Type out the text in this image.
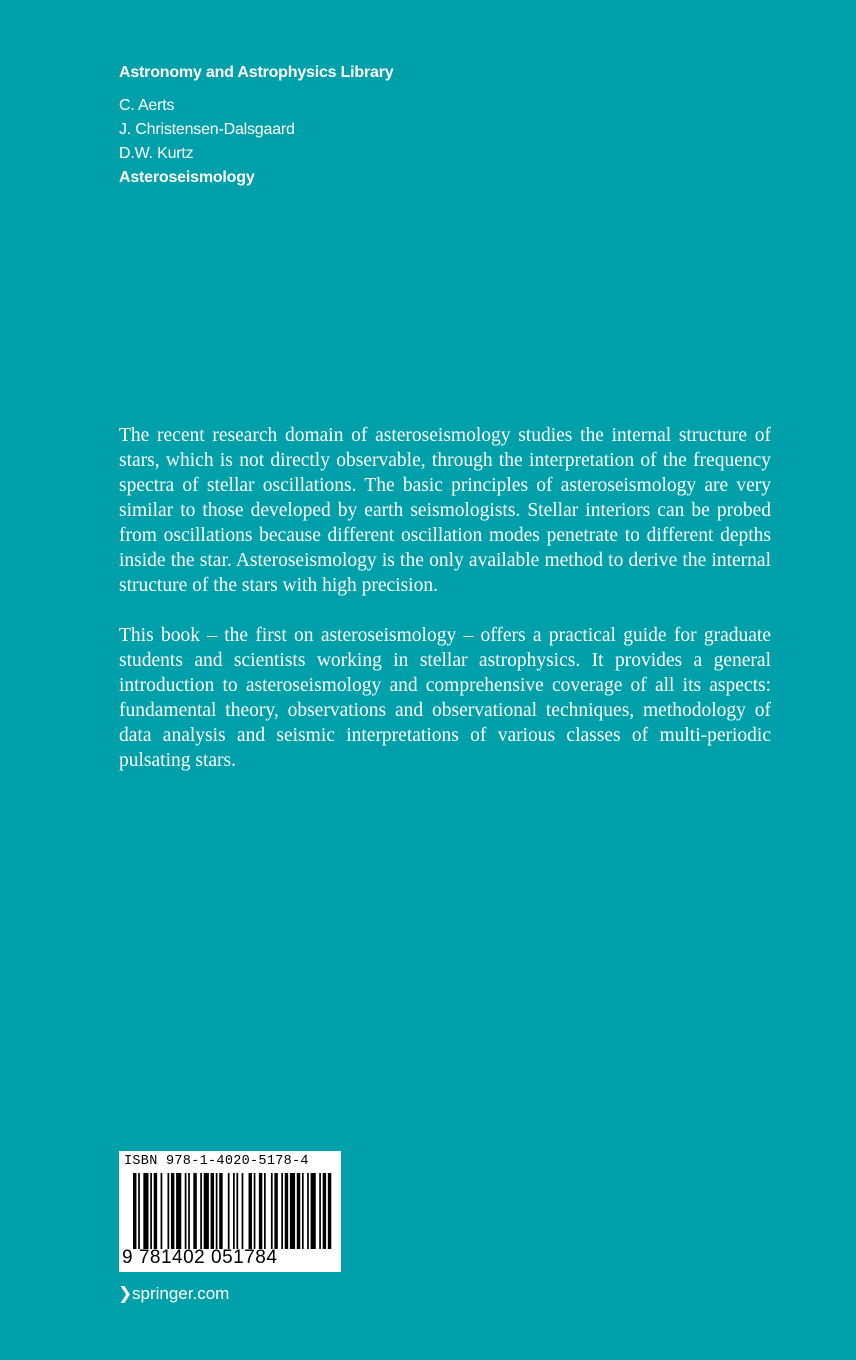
Astronomy and Astrophysics Library
C. Aerts
J. Christensen-Dalsgaard
D.W. Kurtz
Asteroseismology

The recent research domain of asteroseismology studies the internal structure of stars, which is not directly observable, through the interpretation of the frequency spectra of stellar oscillations. The basic principles of asteroseismology are very similar to those developed by earth seismologists. Stellar interiors can be probed from oscillations because different oscillation modes penetrate to different depths inside the star. Asteroseismology is the only available method to derive the internal structure of the stars with high precision.

This book – the first on asteroseismology – offers a practical guide for graduate students and scientists working in stellar astrophysics. It provides a general introduction to asteroseismology and comprehensive coverage of all its aspects: fundamental theory, observations and observational techniques, methodology of data analysis and seismic interpretations of various classes of multi-periodic pulsating stars.

ISBN 978-1-4020-5178-4
9 781402 051784
❯springer.com
